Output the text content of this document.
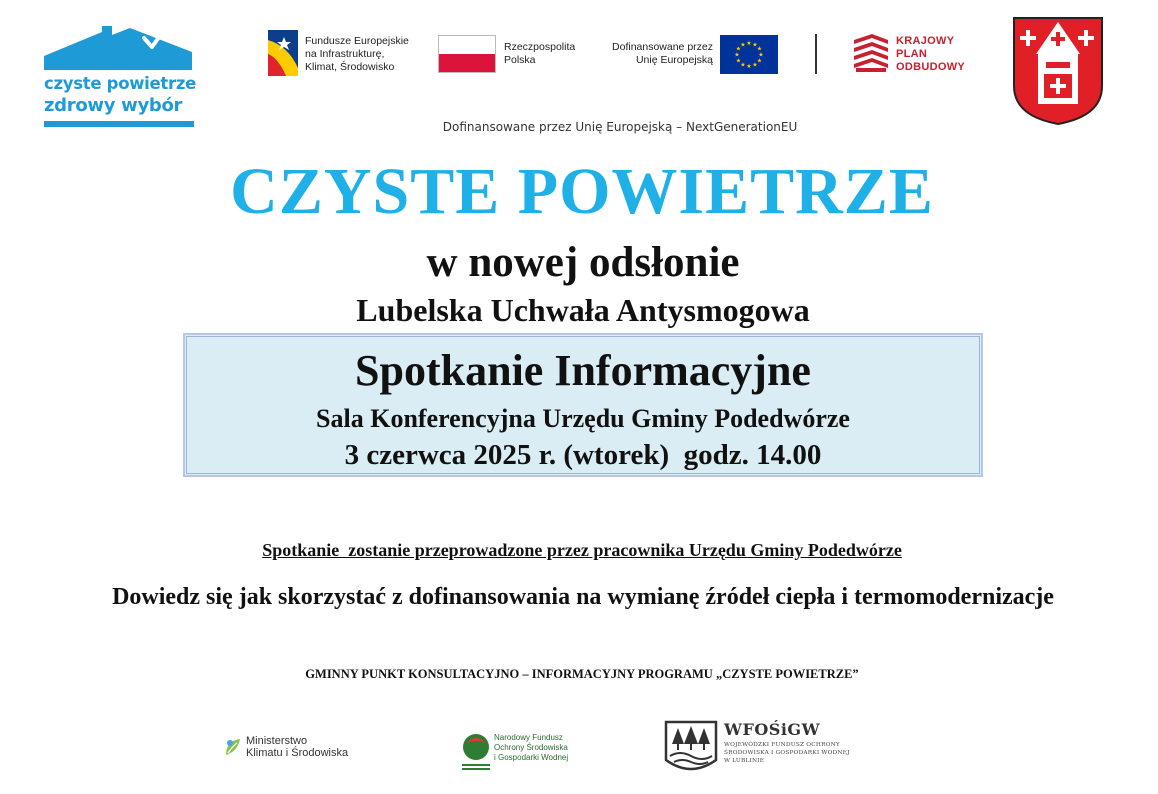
czyste powietrze
zdrowy wybór
Fundusze Europejskie
na Infrastrukturę,
Klimat, Środowisko
Rzeczpospolita
Polska
Dofinansowane przez
Unię Europejską
★ ★
★
★
★
★
★
★
★
★
★
★	KRAJOWY
PLAN
ODBUDOWY
Dofinansowane przez Unię Europejską – NextGenerationEU
CZYSTE POWIETRZE
w nowej odsłonie
Lubelska Uchwała Antysmogowa
Spotkanie Informacyjne
Sala Konferencyjna Urzędu Gminy Podedwórze
3 czerwca 2025 r. (wtorek)  godz. 14.00
Spotkanie  zostanie przeprowadzone przez pracownika Urzędu Gminy Podedwórze
Dowiedz się jak skorzystać z dofinansowania na wymianę źródeł ciepła i termomodernizacje
GMINNY PUNKT KONSULTACYJNO – INFORMACYJNY PROGRAMU „CZYSTE POWIETRZE”
Ministerstwo
Klimatu i Środowiska
Narodowy Fundusz
Ochrony Środowiska
i Gospodarki Wodnej
WFOŚiGW
WOJEWÓDZKI FUNDUSZ OCHRONY
ŚRODOWISKA I GOSPODARKI WODNEJ
W LUBLINIE
